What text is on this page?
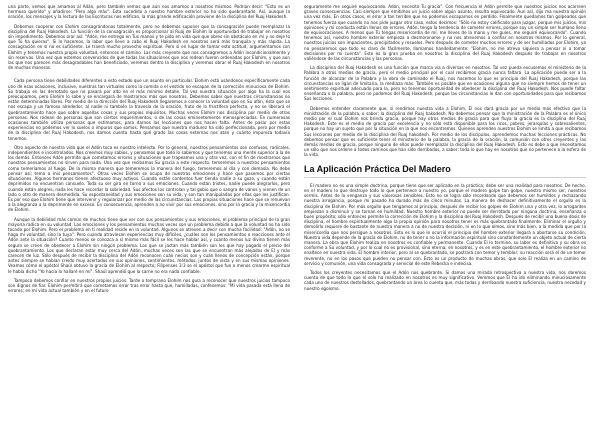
una parte, vemos que amamos al Adán, pero también vemos que aún nos amamos a nosotros mismos. Podrían decir: "Esto es un hermoso querido" y añadirse: "Pero algo más". Esta sucedido a nuestro hombre exterior no ha sido quebrantado. Así, aunque la oración, los mensajes y la lectura de las Escrituras nos edifican, la más grande edificación proviene de la disciplina del Ruaj Hakodesh.

Debemos cooperar con Elohim consagrándonos totalmente, pero no debemos suponer que la consagración puede reemplazar la disciplina del Ruaj Hakodesh. La función de la consagración es proporcionar al Ruaj de Elohim la oportunidad de trabajar en nosotros sin impedimento. Debemos orar así: "Adón, me entrego en Tus manos y te pido en vida que que obres sin obstáculo en mí y no deje lo que Tú ha quieras". Si lo hacemos, la labor que lleve a cabo el Ruaj Hakodesh en nosotros será más tranquila y más rápida. La consagración en sí no es suficiente. Le traerá mucho provecho espiritual. Pero si en lugar de tomar esto actitud, argumentamos con Elohim y tenemos nuestra propia voluntad, entonces el camino. Las más creyente que nos consagremos a Adón incondicionalmente y sin reservas. Una vez que estemos convencidos de que todas las situaciones que nos rodean fueron ordenadas por Elohim, y que aun las que nos parecen más desagradables han beneficiado, veremos dentro la disciplina y veremos obrar el Ruaj Hakodesh en nosotros de muchas maneras.

Cada persona tiene debilidades diferentes a esto estado que un asunto en particular. Elohim está usándonos específicamente cada uno de esas ocasiones, inclusive, nuestras tan virtuales como la comida o el vestido no escapan de la corrección minuciosa de Elohim. Su trabajo en las derrotado que no pasará por alto en el más mínimo detalle. Tal vez nuestra situación por algo ha la cual nos preocupamos, pero Elohim lo sabe y se encargará de mostrarnos más que nosotros. Debemos saber que nuestras circunstancias no están determinadas libres. Por medio de la dirección del Ruaj Hakodesh llegaremos a conocer la voluntad que en Su afán, ésta que se nos escapa y un famoso alrededor, al nadie ni también la travesía de la oración, fruto de lo fructífera perfecto, y no se liberará el quebrantamiento hace que sobre aquellas cosas y sus propios requisitos. Muchas veces Elohim nos disciplina por medio de otras personas. Nos rodean de personas que son ciertos requerimientos, o de las cosas eminentemente menospreciadas. En numerosas ocasiones también utiliza personas que estimamos, para darnos las lecciones que nos hacen falta. Antes de pasar por estas experiencias no podemos ver lo suelos o impuros que somos. Pensamos que nuestra madurez ha sido perfeccionada, pero por medio de la disciplina del Ruaj Hakodesh, nos damos cuenta hasta qué grado las cosas externas nos atan y cuánto impureza todavía tenemos.

Otro aspecto de nuestra vida que el Adón toca es nuestro intelecto. Por lo general, nuestros pensamientos son confusos, radicales, independientes e incontrolados. Nos creemos muy sabios, y pensamos que todo lo sabemos y que tenemos una mente superior a la de los demás. Entonces Adón permite que cometamos errores y situaciones que trapeamos una y otra vez, con el fin de mostrarnos que nuestros pensamientos no sirven para nada. Una vez que recibamos Su gracia a este respecto, temeremos a nuestros pensamientos como temeríamos al fuego. De la misma manera que temeremos la manera del fuego, temeremos al día y con demasía. No debe pensar así; tema a mis pensamientos". Otras veces Elohim se ocupa de nuestras emociones y hace que pasemos por ciertas situaciones. Algunos hermanos tienen afectuoso muy activos. Cuando están contentos fuer tienda nadie a su gozo, y cuando están deprimidos no encuentran consuelo. Toda su ser gira en torno a sus emociones. Cuando están tristes, nadie puede alegrarlos, pero cuando están alegres, nada les hace recordar la sobriedad. Sus afectos los controlan y tal gobio que o sangra de vanos y vienen de un lado o otro de manera desmedida. Su espontaneidad y sus emociones son su vida, y son tan manipuladas por ellas que les justifican. Es por eso que Elohim tiene que intervenir y regularizar por medio de las circunstancias. Las propias situaciones hace que se renuevan a la alegranza a la deprimente en exceso. En consecuencia, aprenden a no vivir por sus emociones, sino por la gracia y la misericordia de Elohim.

Aunque la debilidad más común de muchos tiene que ver con sus pensamientos y sus emociones, el problema principal de la gran mayoría radica en su voluntad. Las emociones y los pensamientos muchas veces son un problema debido a que la voluntad no ha sido tocado por Elohim. Pero el problema en ti realidad reside en la voluntad. Algunos se atreven a decir con mucha facilidad: "Adón, no se haga mi voluntad, sino la tuya". Pero cuando atraviesan experiencias muy difíciles, ¿cuáles son los pensamientos o reacciones ante el Adón ante la situación? Cuanto menos se conozca a sí mismo más fácil se les hace hablar así, y cuanto menos luz divina tienen más seguro se creen de obedecer a Elohim sin ningún problema. Los que se jactan más también son los que hay pagado el precio del quebrantamiento. Los que declaran estar muy cerca del Adón, muchas veces son las que se encuentran más alejados de El y más carecen de luz. Sólo después de recibir la disciplina del Adón reconocen cuán necios son y cuán llenos de concepción están, porque antes siempre se habían creído muy acertados en sus opiniones, sentimientos, métodos, juntos de vista y en sus mismas opiniones. Veamos cómo el apóstol Shaúl obtuvo la gracia de Elohim al respecto; Filipenses 3:3 se el apóstol que fue a menos crearme espiritual le había dicho "Yo hacía lo hallaré en mí". Shaúl aprendió que la carne no era nada confiable.

Tampoco debemos confiar en nuestros propios juicios. Tarde o temprano Elohim nos guía a reconocer que nuestros juicios tampoco son dignos de fiar. Elohim permitirá que cometamos error tras error hasta que, humilladas, confesemos: "Mi vida pasada está llena de errores; en mi vida actual también y en el futuro

seguramente me seguiré equivocando. Adón, necesito Tu gracia". Con frecuencia el Adón permite que nuestros juicios nos acarreen graves consecuencias. Casi siempre que emitimos un juicio sobre algún asunto, resulta equivocado. Aun así, dijo ma nuestra opinión una vez más. En otros casos, el error a tan terrible que no podemos escaparnos en perdido. Finalmente quedamos tan golpeados que tenemos fuerza que cuando no nos pide juzgar otro caso, estos decimos: "Sólo no estoy calificado para juzgar, porque mis juicios, mis opiniones y mi conducta están llenos de errores. Adón, tenga la tendencia de cometer errores, porque soy un simple ser humano lleno de equivocaciones. A menos que Tú tengas misericordia de mí, me lleves de la mano y me guíes, me seguiré equivocando". Cuando tenemos así, nuestro hombre exterior empieza a desmoronarse y no nos atrevemos a confiar en nosotros mismos. Por lo general, nuestros juicios son impacientes, precipitados y resuelos. Pero después de cometer muchos errores y de ser humillados por Elohim, ya no pensaremos que todo es claro de fácilmente, llamamos handedamente: "Elohim, no me atrevo siquiera a pensar ni a tomar decisiones por mi cuenta". Esto es la gran prueba en nosotros la disciplina del Ruaj Hakodesh después de trabajar en nosotros valiéndose de las circunstancias y las personas.

La disciplina del Ruaj Hakodesh es una función que marca via a diversas en nosotros. Tal vez pueda excusemos el ministerio de la Palabra a otros medios de gracia, pero el medio principal por el cual recibimos gracia nunca faltará. La aplicación puede ser a la función de alcanzar de la Palabra y la obra de caminado el Ruaj, nos hacemos lo que es principio del Ruaj Hakodesh, porque las circunstancias se ligan de limitaria, la mediaza más. También es posible que en ocasiones alguna que no siempre hemos de tener un sentimiento espiritual adecuado para la, pero no tenemos oportunidad de obedecer la disciplina del Ruaj Hakodesh. Nos puede faltar enseñanza o la palabra, pero no podemos del Ruaj Hakodesh, porque las circunstancias lo dan con oportunidades para que recibamos Sus lecciones.

Debemos entender claramente que, si rendimos nuestra vida a Elohim, Él nos dará gracia por un medio más efectivo que la ministración de la palabra, o saber: la disciplina del Ruaj hakodesh. No debemos pensar que la ministración de la Palabra es el único medio por el cual Elohim nos brinda gracia, porque hay otros medios de gracia para que fluya la gracia es la disciplina del Ruaj Hakodesh. Este es el medio de gracia por excelencia y no sólo está disponible para los ricos, pobres, jerarquías y sobresalientes, porque no hay un sujeto que por la situación en la que nos encontremos. Quienes aprenden nuestros Elohim se limita a que recibamos Sus lecciones por medio de la disciplina del Ruaj hakodesh. Por medio de los discípulos, aprendemos muchas lecciones prácticas. No debemos pensar que es suficiente tener el ministerio de la palabra, la gracia de la oración, la comunión con otros creyentes y las demás medios de gracia, porque ninguno de ellos puede reemplazar la disciplina del Ruaj Hakodesh. Esto es debe a que necesitamos un sólo que nos ordene a todos caminos que han sido derribados, a saber: toda lo que hay en nosotros que no pertenece a la esfera de la vida.

La Aplicación Práctica Del Madero

El madero no es una simple doctrina, porque tiene que ser aplicado en la práctica; debe ser una realidad para nosotros. De hecho, en el madero lo que destruye todo lo que pertenece a nuestro yo, porque el madero golpe tan golpe, nuestro mismo ser, nuestros sermis. Antes de la venganza y sus valorosas sensibles. Esto no se logra sólo recordando que debemos ser humildes y rechazando nuestra arrogancia, porque mi pasado ha durado más de cinco minutos. La manera de deshacer definitivamente el orgullo es la disciplina de Elohim. Por más orgullo que tengamos al principio, después de recibir los golpes de Elohim una y otra vez, lo arrogantes empiezan a disminuir y se tornan en humildad. Nuestro hombre exterior no puede ser derrotado por ninguna doctrina, enseñanza o buen propósito; sólo entonces permite la corrección de Elohim y la disciplina del Ruaj Hakodesh. Después de recibir una buena dosis de disciplina, el hombre espiritualmente algo la propia opinión para nosotros tener es más quebrantado finalmente. Eliminar el orgullo y demolirlo requiere de bastante de nuestra manera a no de nuestra decisión, ni en lo que oímos, sino más bien, a la medida que por la misericordia que nos persigue a nosotros. Esto es lo que le ocurrió el principio del hombre exterior llegará a abortarse su condición. Nuestra vida depende de la gracia de Elohim, no de tener o no la información espiritual sino constantemente un objeto actual de cierta manera. La obra que Elohim realiza en nosotros es confiable y permanente. Cuando Él lo termine, su labor es definitiva y su obra es conforme a Su voluntad, y por lo cual no es provisional, sino eterna; en nosotros, y es en este quebrantamiento, el hombre exterior no enaltece en nuestra vida. El hombre interior, pero al se quebrantado, se postrará con temor y temblor; su reacción será el de un temor reverente, no en los pasos que pueden no pensar con. Esto es un producto de muchas obras, que solo El realiza en un camino de servicio y comunión, una vida consagrada y servicial de este Rebecka e indecisa.

Todos los creyentes necesitamos que el Adón nos quebrante. Si damos una mirada retrospectiva a nuestra vida, nos daremos cuenta de que todo lo que el solo ha realizado en nosotros es muy significativo. Veremos que Él ha ido eliminando minuciosamente cada uno de nuestros destellados, quebrantando un área lo cuenta que, más todas y derribando nuestra suficiencia, nuestra necedad y nuestro egoísmo.
